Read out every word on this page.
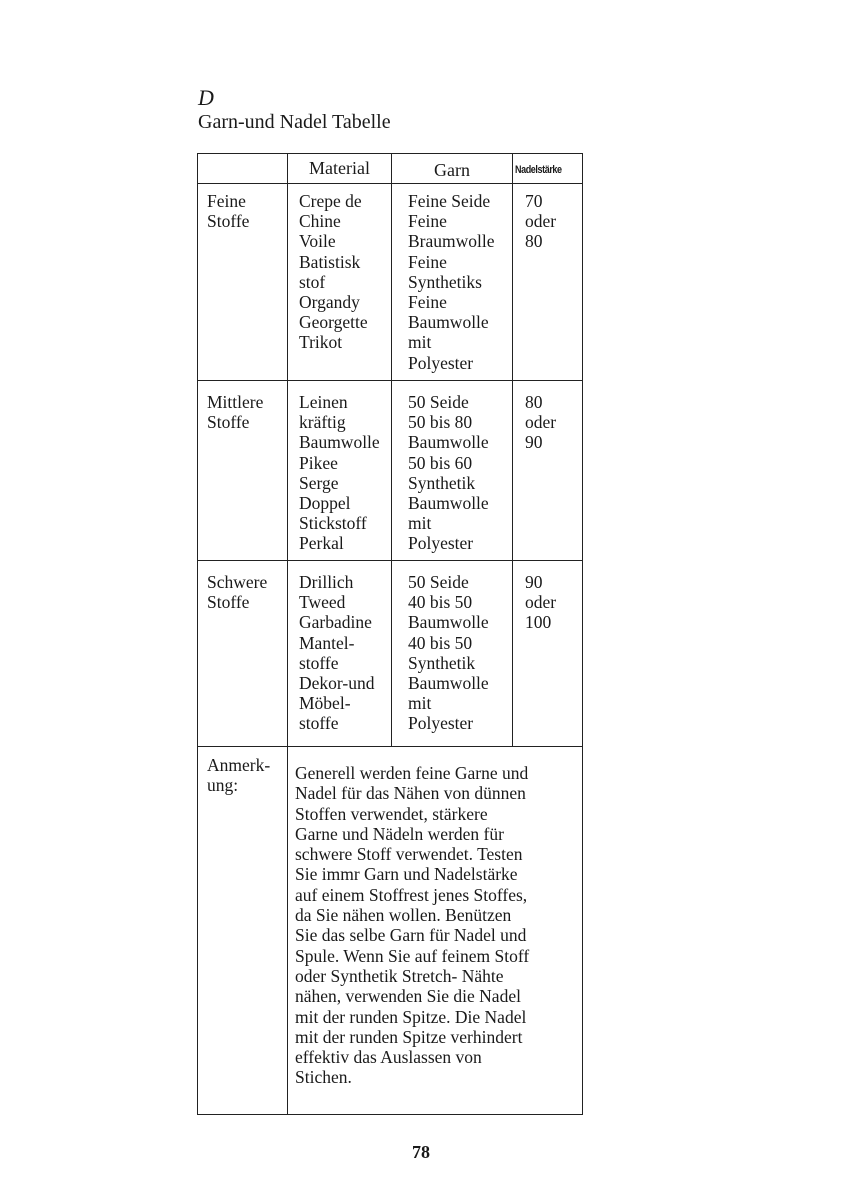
D
Garn-und Nadel Tabelle
Material	Garn	Nadelstärke
Feine
Stoffe
Crepe de
Chine
Voile
Batistisk
stof
Organdy
Georgette
Trikot
Feine Seide
Feine
Braumwolle
Feine
Synthetiks
Feine
Baumwolle
mit
Polyester
70
oder
80
Mittlere
Stoffe
Leinen
kräftig
Baumwolle
Pikee
Serge
Doppel
Stickstoff
Perkal
50 Seide
50 bis 80
Baumwolle
50 bis 60
Synthetik
Baumwolle
mit
Polyester
80
oder
90
Schwere
Stoffe
Drillich
Tweed
Garbadine
Mantel-
stoffe
Dekor-und
Möbel-
stoffe
50 Seide
40 bis 50
Baumwolle
40 bis 50
Synthetik
Baumwolle
mit
Polyester
90
oder
100
Anmerk-
ung:
Generell werden feine Garne und
Nadel für das Nähen von dünnen
Stoffen verwendet, stärkere
Garne und Nädeln werden für
schwere Stoff verwendet. Testen
Sie immr Garn und Nadelstärke
auf einem Stoffrest jenes Stoffes,
da Sie nähen wollen. Benützen
Sie das selbe Garn für Nadel und
Spule. Wenn Sie auf feinem Stoff
oder Synthetik Stretch- Nähte
nähen, verwenden Sie die Nadel
mit der runden Spitze. Die Nadel
mit der runden Spitze verhindert
effektiv das Auslassen von
Stichen.
78
